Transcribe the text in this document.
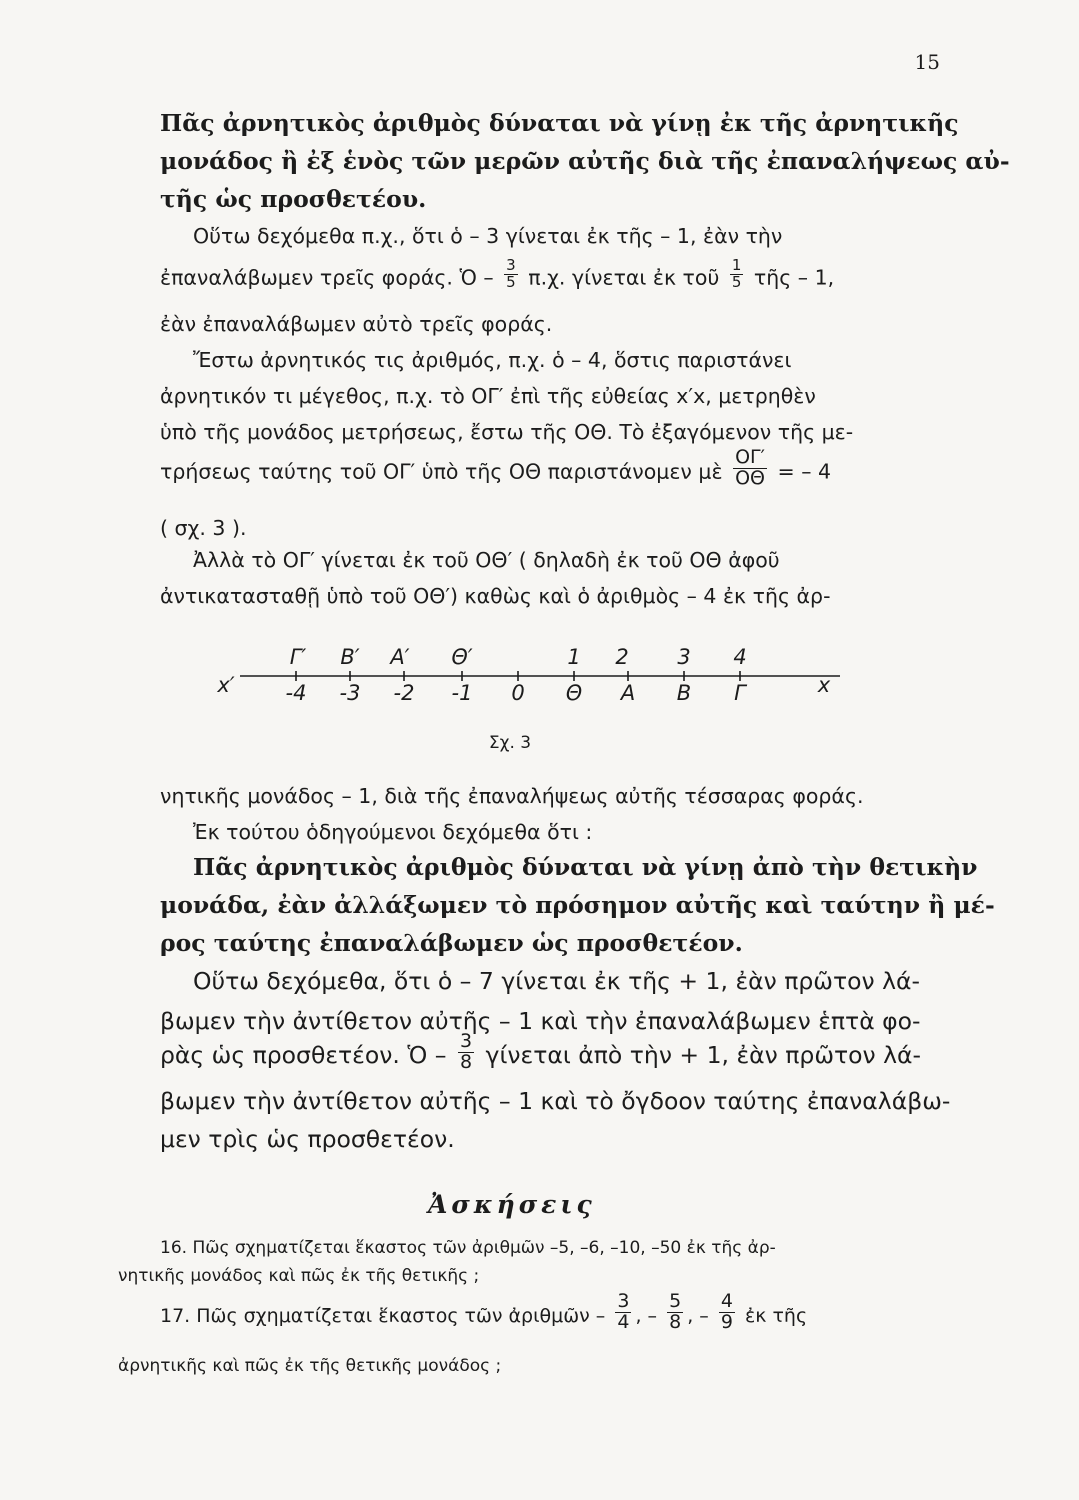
15
Πᾶς ἀρνητικὸς ἀριθμὸς δύναται νὰ γίνῃ ἐκ τῆς ἀρνητικῆς
μονάδος ἢ ἐξ ἑνὸς τῶν μερῶν αὐτῆς διὰ τῆς ἐπαναλήψεως αὐ-
τῆς ὡς προσθετέου.
Οὕτω δεχόμεθα π.χ., ὅτι ὁ – 3 γίνεται ἐκ τῆς – 1, ἐὰν τὴν
ἐπαναλάβωμεν τρεῖς φοράς. Ὁ – $\frac{3}{5} \pi.\chi$. γίνεται ἐκ τοῦ $\frac{1}{5}$ τῆς – 1,
ἐὰν ἐπαναλάβωμεν αὐτὸ τρεῖς φοράς.
Ἔστω ἀρνητικός τις ἀριθμός, π.χ. ὁ – 4, ὅστις παριστάνει
ἀρνητικόν τι μέγεθος, π.χ. τὸ ΟΓ′ ἐπὶ τῆς εὐθείας x′x, μετρηθὲν
ὑπὸ τῆς μονάδος μετρήσεως, ἔστω τῆς ΟΘ. Τὸ ἐξαγόμενον τῆς με-
τρήσεως ταύτης τοῦ ΟΓ′ ὑπὸ τῆς ΟΘ παριστάνομεν μὲ $\frac{O\Gamma'}{O\Theta}$ = – 4
( σχ. 3 ).
Ἀλλὰ τὸ ΟΓ′ γίνεται ἐκ τοῦ ΟΘ′ ( δηλαδὴ ἐκ τοῦ ΟΘ ἀφοῦ
ἀντικατασταθῇ ὑπὸ τοῦ ΟΘ′) καθὼς καὶ ὁ ἀριθμὸς – 4 ἐκ τῆς ἀρ-
Γ′ Β′ Α′ Θ′	1 2 3 4
x′ -4 -3 -2 -1 0 Θ Α Β Γ	x
Σχ. 3
νητικῆς μονάδος – 1, διὰ τῆς ἐπαναλήψεως αὐτῆς τέσσαρας φοράς.
Ἐκ τούτου ὁδηγούμενοι δεχόμεθα ὅτι :
Πᾶς ἀρνητικὸς ἀριθμὸς δύναται νὰ γίνῃ ἀπὸ τὴν θετικὴν
μονάδα, ἐὰν ἀλλάξωμεν τὸ πρόσημον αὐτῆς καὶ ταύτην ἢ μέ-
ρος ταύτης ἐπαναλάβωμεν ὡς προσθετέον.
Οὕτω δεχόμεθα, ὅτι ὁ – 7 γίνεται ἐκ τῆς + 1, ἐὰν πρῶτον λά-
βωμεν τὴν ἀντίθετον αὐτῆς – 1 καὶ τὴν ἐπαναλάβωμεν ἑπτὰ φο-
ρὰς ὡς προσθετέον. Ὁ – $\frac{3}{8}$ γίνεται ἀπὸ τὴν + 1, ἐὰν πρῶτον λά-
βωμεν τὴν ἀντίθετον αὐτῆς – 1 καὶ τὸ ὄγδοον ταύτης ἐπαναλάβω-
μεν τρὶς ὡς προσθετέον.
Ἀσκήσεις
16. Πῶς σχηματίζεται ἕκαστος τῶν ἀριθμῶν –5, –6, –10, –50 ἐκ τῆς ἀρ-
νητικῆς μονάδος καὶ πῶς ἐκ τῆς θετικῆς ;
17. Πῶς σχηματίζεται ἕκαστος τῶν ἀριθμῶν – $\frac{3}{4}$ , – $\frac{5}{8}$ , – $\frac{4}{9}$ ἐκ τῆς
ἀρνητικῆς καὶ πῶς ἐκ τῆς θετικῆς μονάδος ;
